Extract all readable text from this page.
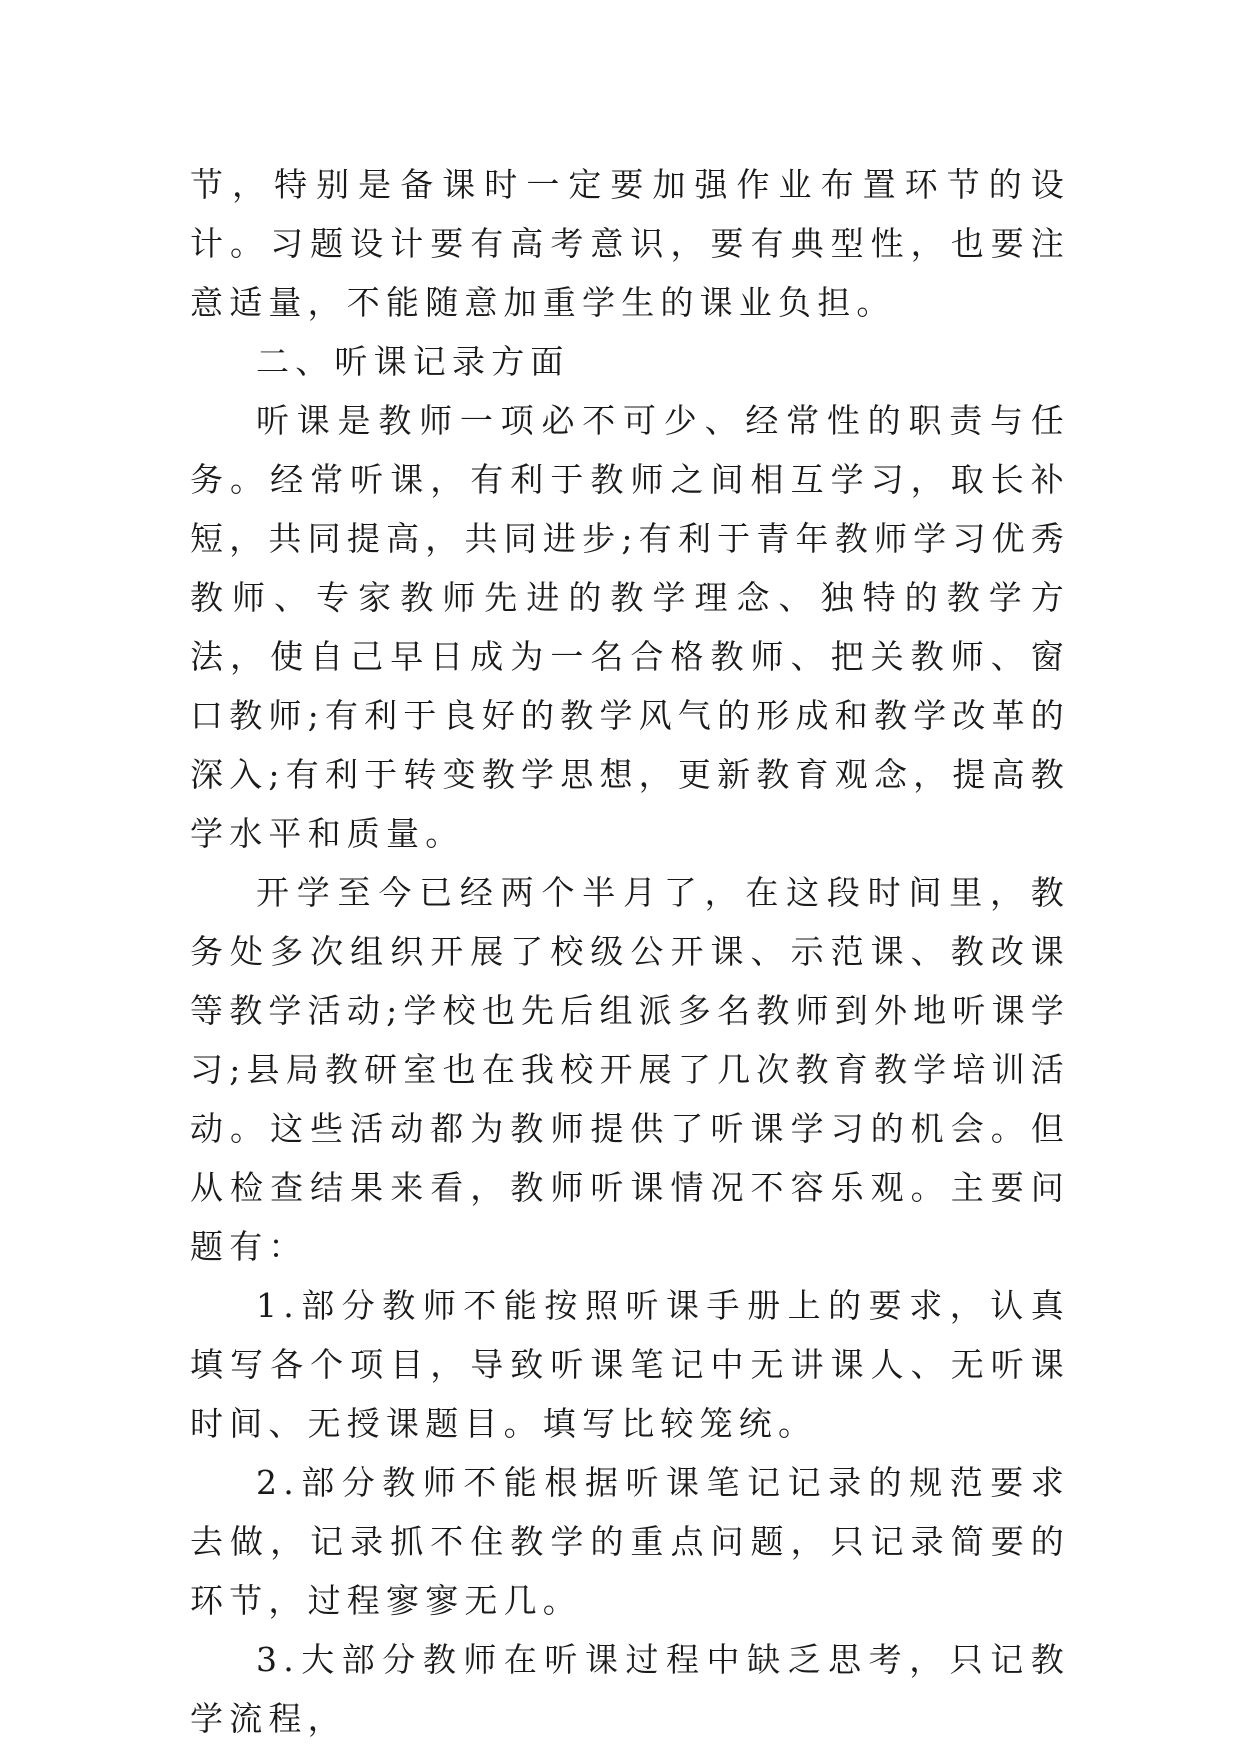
节，特别是备课时一定要加强作业布置环节的设计。习题设计要有高考意识，要有典型性，也要注意适量，不能随意加重学生的课业负担。

二、听课记录方面

听课是教师一项必不可少、经常性的职责与任务。经常听课，有利于教师之间相互学习，取长补短，共同提高，共同进步;有利于青年教师学习优秀教师、专家教师先进的教学理念、独特的教学方法，使自己早日成为一名合格教师、把关教师、窗口教师;有利于良好的教学风气的形成和教学改革的深入;有利于转变教学思想，更新教育观念，提高教学水平和质量。

开学至今已经两个半月了，在这段时间里，教务处多次组织开展了校级公开课、示范课、教改课等教学活动;学校也先后组派多名教师到外地听课学习;县局教研室也在我校开展了几次教育教学培训活动。这些活动都为教师提供了听课学习的机会。但从检查结果来看，教师听课情况不容乐观。主要问题有：

1.部分教师不能按照听课手册上的要求，认真填写各个项目，导致听课笔记中无讲课人、无听课时间、无授课题目。填写比较笼统。

2.部分教师不能根据听课笔记记录的规范要求去做，记录抓不住教学的重点问题，只记录简要的环节，过程寥寥无几。

3.大部分教师在听课过程中缺乏思考，只记教学流程，
